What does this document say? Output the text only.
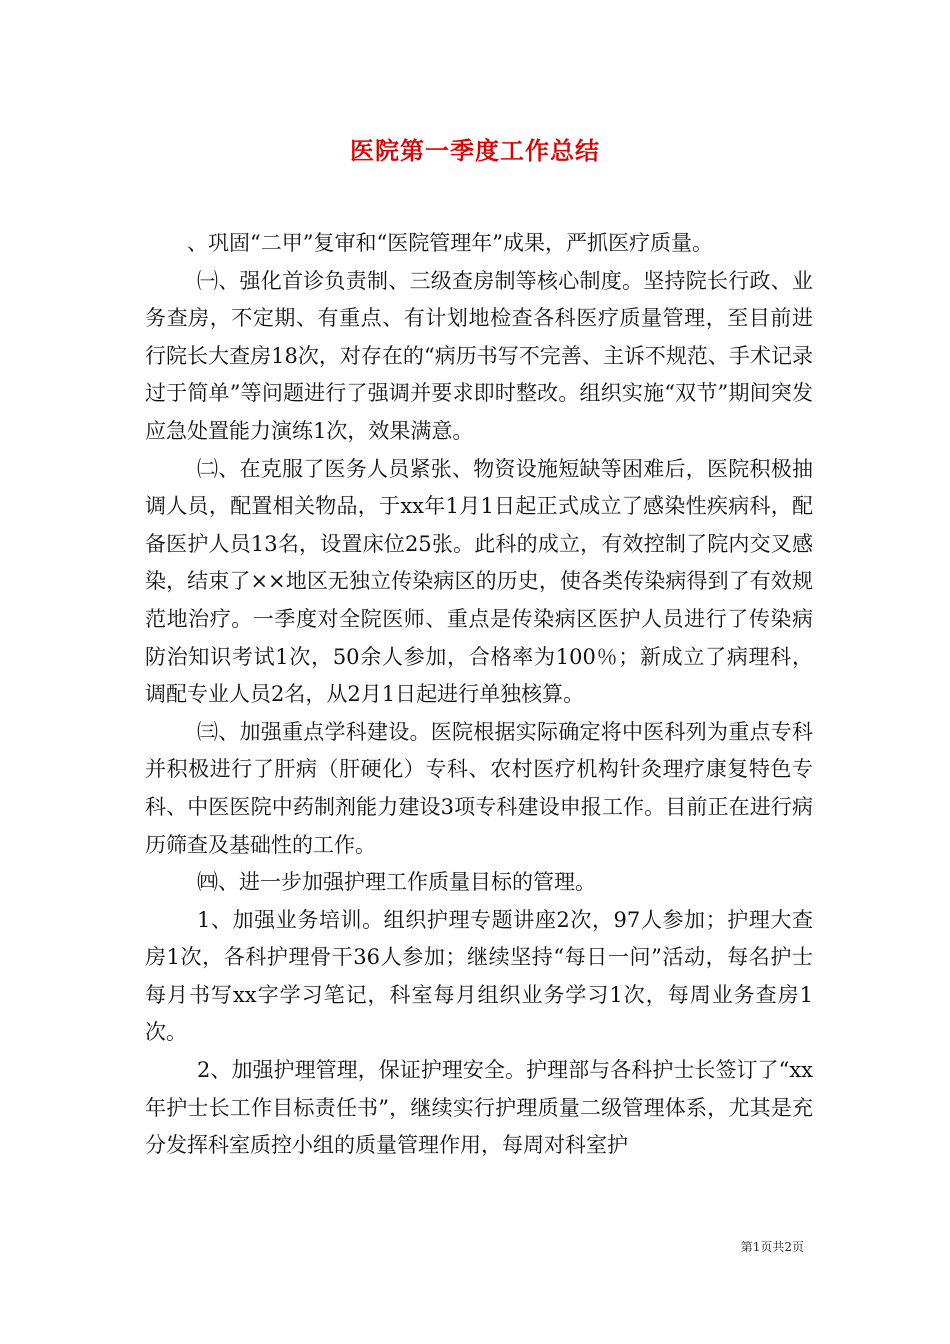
医院第一季度工作总结

、巩固“二甲”复审和“医院管理年”成果，严抓医疗质量。

㈠、强化首诊负责制、三级查房制等核心制度。坚持院长行政、业务查房，不定期、有重点、有计划地检查各科医疗质量管理，至目前进行院长大查房18次，对存在的“病历书写不完善、主诉不规范、手术记录过于简单”等问题进行了强调并要求即时整改。组织实施“双节”期间突发应急处置能力演练1次，效果满意。

㈡、在克服了医务人员紧张、物资设施短缺等困难后，医院积极抽调人员，配置相关物品，于xx年1月1日起正式成立了感染性疾病科，配备医护人员13名，设置床位25张。此科的成立，有效控制了院内交叉感染，结束了××地区无独立传染病区的历史，使各类传染病得到了有效规范地治疗。一季度对全院医师、重点是传染病区医护人员进行了传染病防治知识考试1次，50余人参加，合格率为100％；新成立了病理科，调配专业人员2名，从2月1日起进行单独核算。

㈢、加强重点学科建设。医院根据实际确定将中医科列为重点专科并积极进行了肝病（肝硬化）专科、农村医疗机构针灸理疗康复特色专科、中医医院中药制剂能力建设3项专科建设申报工作。目前正在进行病历筛查及基础性的工作。

㈣、进一步加强护理工作质量目标的管理。

1、加强业务培训。组织护理专题讲座2次，97人参加；护理大查房1次，各科护理骨干36人参加；继续坚持“每日一问”活动，每名护士每月书写xx字学习笔记，科室每月组织业务学习1次，每周业务查房1次。

2、加强护理管理，保证护理安全。护理部与各科护士长签订了“xx年护士长工作目标责任书”，继续实行护理质量二级管理体系，尤其是充分发挥科室质控小组的质量管理作用，每周对科室护

第1页共2页
